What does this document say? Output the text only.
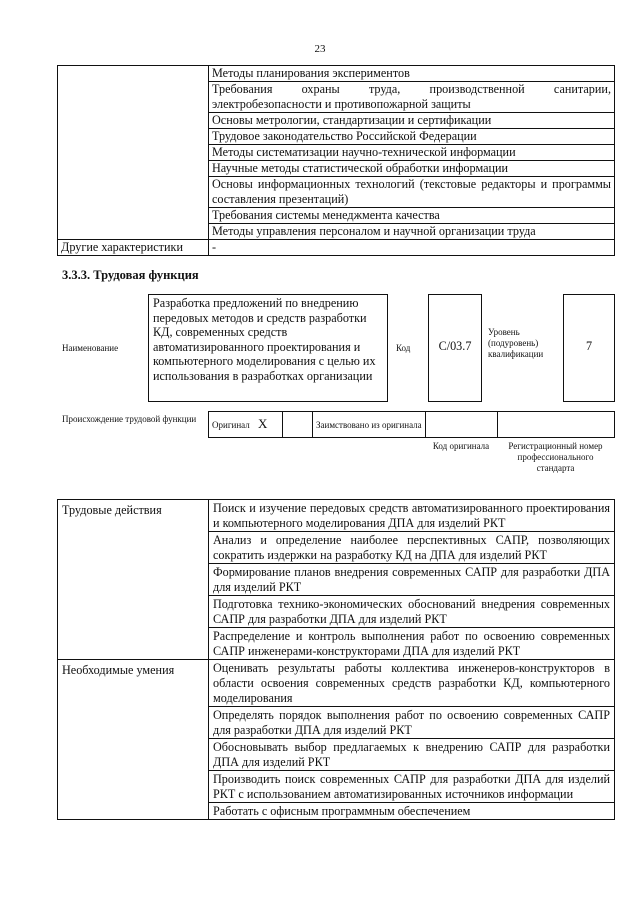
23
	Методы планирования экспериментов
	Требования охраны труда, производственной санитарии, электробезопасности и противопожарной защиты
	Основы метрологии, стандартизации и сертификации
	Трудовое законодательство Российской Федерации
	Методы систематизации научно-технической информации
	Научные методы статистической обработки информации
	Основы информационных технологий (текстовые редакторы и программы составления презентаций)
	Требования системы менеджмента качества
	Методы управления персоналом и научной организации труда
Другие характеристики	-
3.3.3. Трудовая функция
Наименование
Разработка предложений по внедрению передовых методов и средств разработки КД, современных средств автоматизированного проектирования и компьютерного моделирования с целью их использования в разработках организации
Код	С/03.7
Уровень (подуровень) квалификации
7
Происхождение трудовой функции
Оригинал X		Заимствовано из оригинала		
Код оригинала	Регистрационный номер профессионального стандарта
Трудовые действия	Поиск и изучение передовых средств автоматизированного проектирования и компьютерного моделирования ДПА для изделий РКТ
	Анализ и определение наиболее перспективных САПР, позволяющих сократить издержки на разработку КД на ДПА для изделий РКТ
	Формирование планов внедрения современных САПР для разработки ДПА для изделий РКТ
	Подготовка технико-экономических обоснований внедрения современных САПР для разработки ДПА для изделий РКТ
	Распределение и контроль выполнения работ по освоению современных САПР инженерами-конструкторами ДПА для изделий РКТ
Необходимые умения	Оценивать результаты работы коллектива инженеров-конструкторов в области освоения современных средств разработки КД, компьютерного моделирования
	Определять порядок выполнения работ по освоению современных САПР для разработки ДПА для изделий РКТ
	Обосновывать выбор предлагаемых к внедрению САПР для разработки ДПА для изделий РКТ
	Производить поиск современных САПР для разработки ДПА для изделий РКТ с использованием автоматизированных источников информации
	Работать с офисным программным обеспечением
